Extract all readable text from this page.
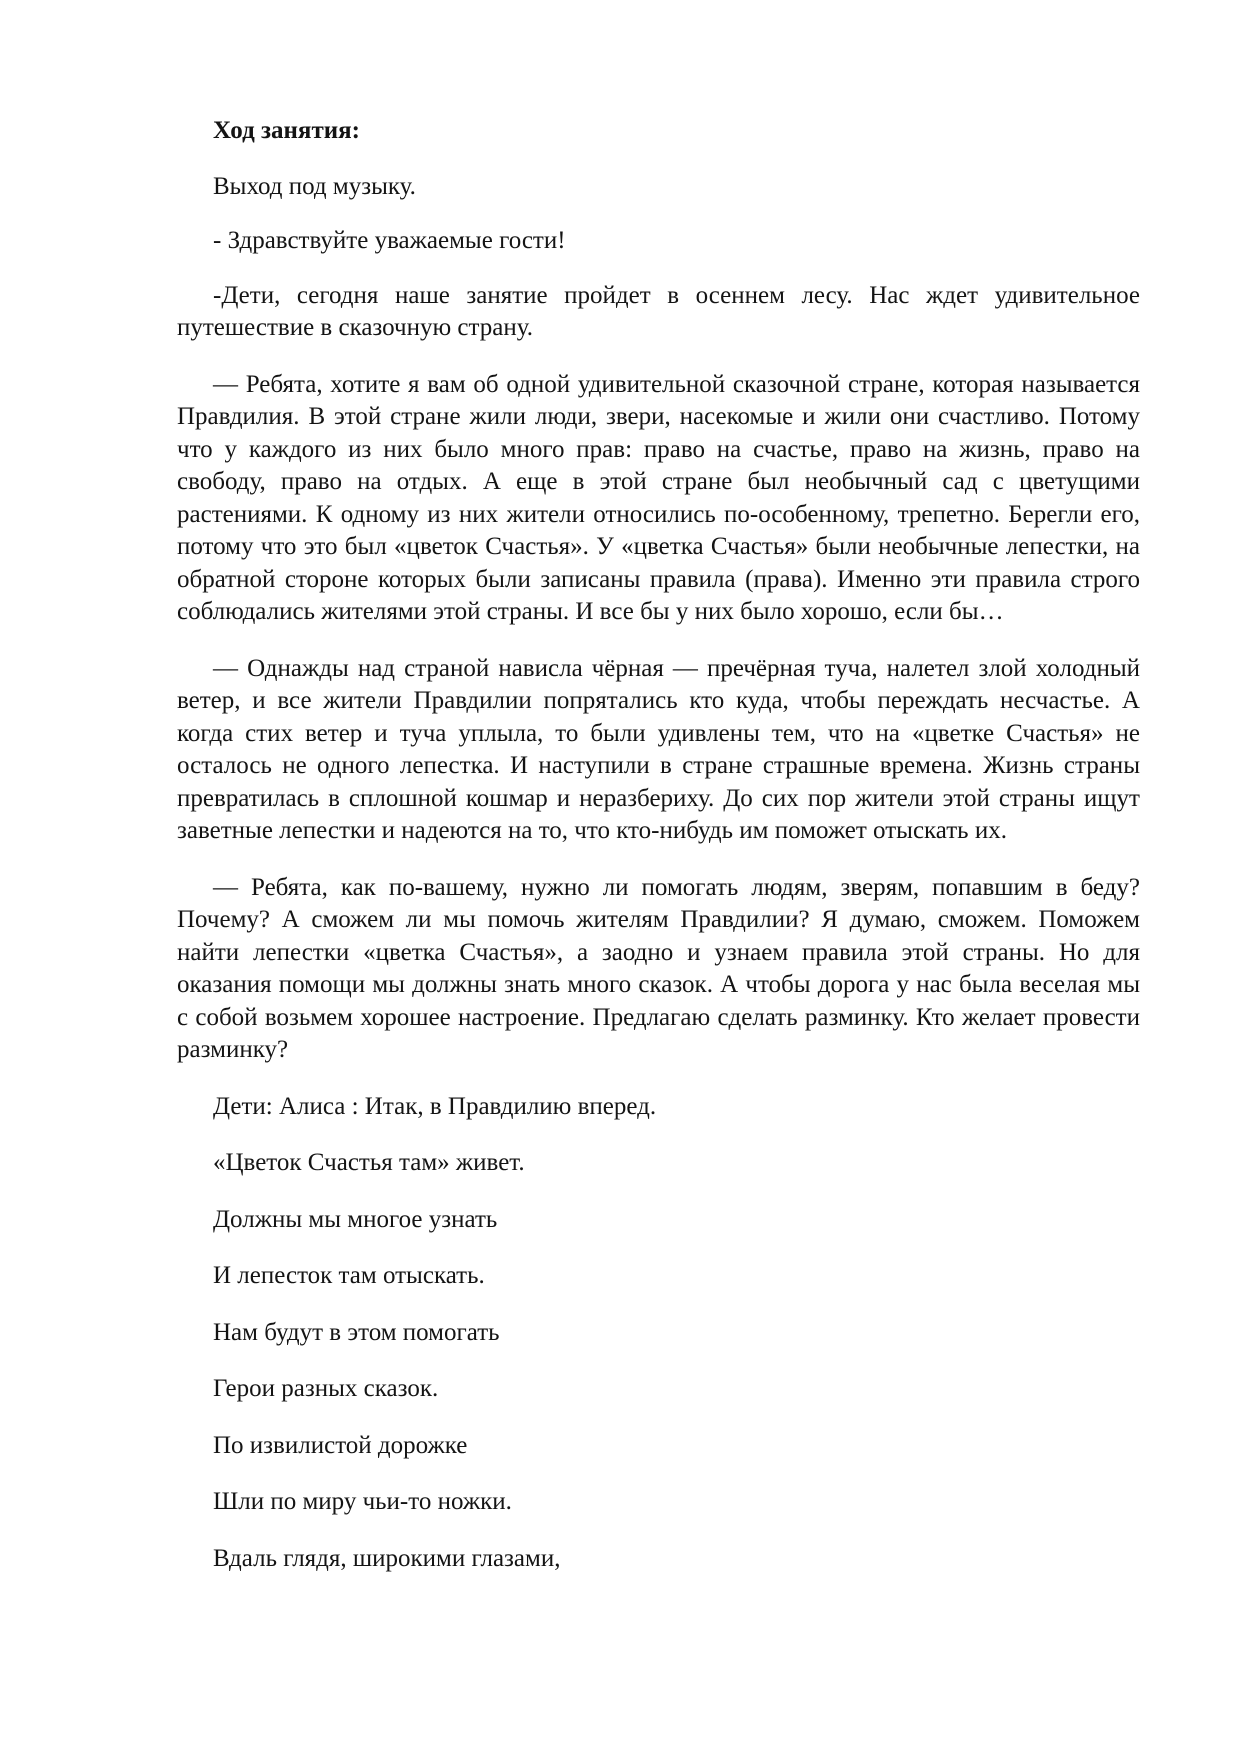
Ход занятия:

Выход под музыку.

- Здравствуйте уважаемые гости!

-Дети, сегодня наше занятие пройдет в осеннем лесу. Нас ждет удивительное путешествие в сказочную страну.

— Ребята, хотите я вам об одной удивительной сказочной стране, которая называется Правдилия. В этой стране жили люди, звери, насекомые и жили они счастливо. Потому что у каждого из них было много прав: право на счастье, право на жизнь, право на свободу, право на отдых. А еще в этой стране был необычный сад с цветущими растениями. К одному из них жители относились по-особенному, трепетно. Берегли его, потому что это был «цветок Счастья». У «цветка Счастья» были необычные лепестки, на обратной стороне которых были записаны правила (права). Именно эти правила строго соблюдались жителями этой страны. И все бы у них было хорошо, если бы…

— Однажды над страной нависла чёрная — пречёрная туча, налетел злой холодный ветер, и все жители Правдилии попрятались кто куда, чтобы переждать несчастье. А когда стих ветер и туча уплыла, то были удивлены тем, что на «цветке Счастья» не осталось не одного лепестка. И наступили в стране страшные времена. Жизнь страны превратилась в сплошной кошмар и неразбериху. До сих пор жители этой страны ищут заветные лепестки и надеются на то, что кто-нибудь им поможет отыскать их.

— Ребята, как по-вашему, нужно ли помогать людям, зверям, попавшим в беду? Почему? А сможем ли мы помочь жителям Правдилии? Я думаю, сможем. Поможем найти лепестки «цветка Счастья», а заодно и узнаем правила этой страны. Но для оказания помощи мы должны знать много сказок. А чтобы дорога у нас была веселая мы с собой возьмем хорошее настроение. Предлагаю сделать разминку. Кто желает провести разминку?

Дети: Алиса : Итак, в Правдилию вперед.

«Цветок Счастья там» живет.

Должны мы многое узнать

И лепесток там отыскать.

Нам будут в этом помогать

Герои разных сказок.

По извилистой дорожке

Шли по миру чьи-то ножки.

Вдаль глядя, широкими глазами,
